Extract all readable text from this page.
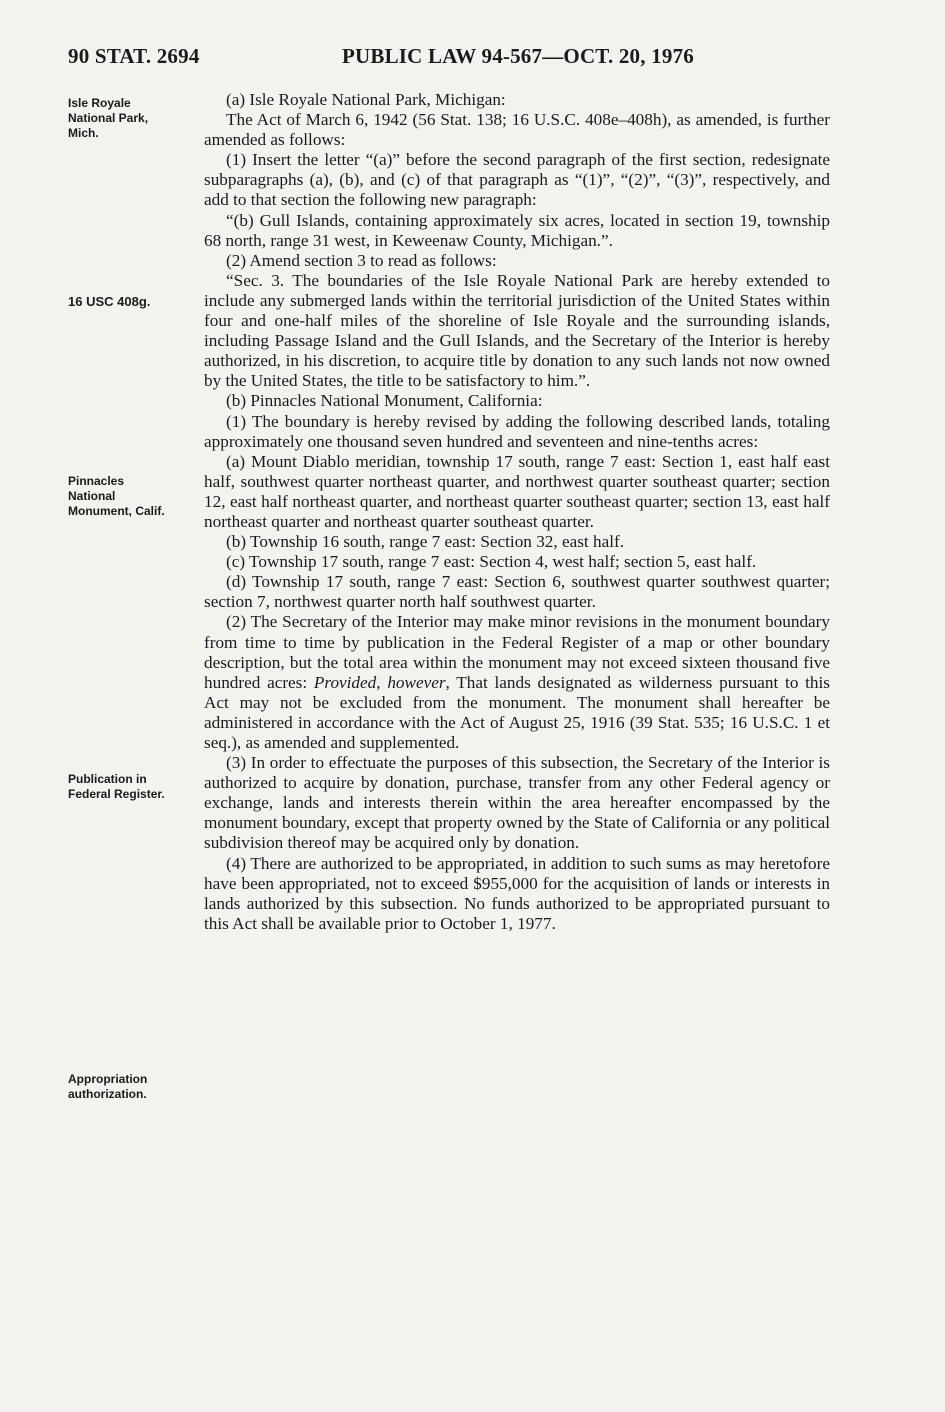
90 STAT. 2694	PUBLIC LAW 94-567—OCT. 20, 1976
Isle Royale
National Park,
Mich.
16 USC 408g.
Pinnacles
National
Monument, Calif.
Publication in
Federal Register.
Appropriation
authorization.

(a) Isle Royale National Park, Michigan:

The Act of March 6, 1942 (56 Stat. 138; 16 U.S.C. 408e–408h), as amended, is further amended as follows:

(1) Insert the letter “(a)” before the second paragraph of the first section, redesignate subparagraphs (a), (b), and (c) of that paragraph as “(1)”, “(2)”, “(3)”, respectively, and add to that section the following new paragraph:

“(b) Gull Islands, containing approximately six acres, located in section 19, township 68 north, range 31 west, in Keweenaw County, Michigan.”.

(2) Amend section 3 to read as follows:

“Sec. 3. The boundaries of the Isle Royale National Park are hereby extended to include any submerged lands within the territorial jurisdiction of the United States within four and one-half miles of the shoreline of Isle Royale and the surrounding islands, including Passage Island and the Gull Islands, and the Secretary of the Interior is hereby authorized, in his discretion, to acquire title by donation to any such lands not now owned by the United States, the title to be satisfactory to him.”.

(b) Pinnacles National Monument, California:

(1) The boundary is hereby revised by adding the following described lands, totaling approximately one thousand seven hundred and seventeen and nine-tenths acres:

(a) Mount Diablo meridian, township 17 south, range 7 east: Section 1, east half east half, southwest quarter northeast quarter, and northwest quarter southeast quarter; section 12, east half northeast quarter, and northeast quarter southeast quarter; section 13, east half northeast quarter and northeast quarter southeast quarter.

(b) Township 16 south, range 7 east: Section 32, east half.

(c) Township 17 south, range 7 east: Section 4, west half; section 5, east half.

(d) Township 17 south, range 7 east: Section 6, southwest quarter southwest quarter; section 7, northwest quarter north half southwest quarter.

(2) The Secretary of the Interior may make minor revisions in the monument boundary from time to time by publication in the Federal Register of a map or other boundary description, but the total area within the monument may not exceed sixteen thousand five hundred acres: Provided, however, That lands designated as wilderness pursuant to this Act may not be excluded from the monument. The monument shall hereafter be administered in accordance with the Act of August 25, 1916 (39 Stat. 535; 16 U.S.C. 1 et seq.), as amended and supplemented.

(3) In order to effectuate the purposes of this subsection, the Secretary of the Interior is authorized to acquire by donation, purchase, transfer from any other Federal agency or exchange, lands and interests therein within the area hereafter encompassed by the monument boundary, except that property owned by the State of California or any political subdivision thereof may be acquired only by donation.

(4) There are authorized to be appropriated, in addition to such sums as may heretofore have been appropriated, not to exceed $955,000 for the acquisition of lands or interests in lands authorized by this subsection. No funds authorized to be appropriated pursuant to this Act shall be available prior to October 1, 1977.
